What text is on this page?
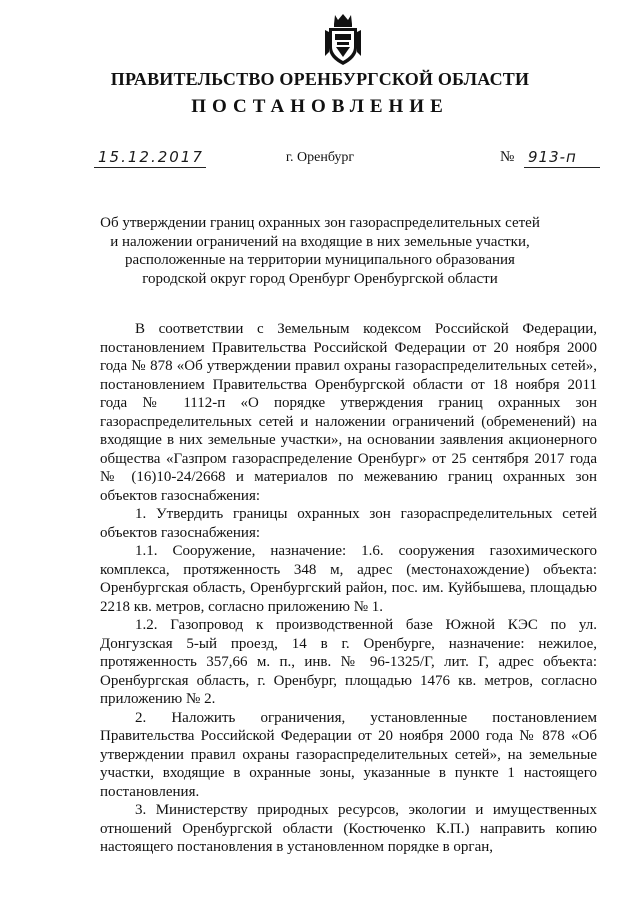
ПРАВИТЕЛЬСТВО ОРЕНБУРГСКОЙ ОБЛАСТИ
ПОСТАНОВЛЕНИЕ
15.12.2017	г. Оренбург	№ 913-п
Об утверждении границ охранных зон газораспределительных сетей
и наложении ограничений на входящие в них земельные участки,
расположенные на территории муниципального образования
городской округ город Оренбург Оренбургской области

В соответствии с Земельным кодексом Российской Федерации, постановлением Правительства Российской Федерации от 20 ноября 2000 года № 878 «Об утверждении правил охраны газораспределительных сетей», постановлением Правительства Оренбургской области от 18 ноября 2011 года № 1112-п «О порядке утверждения границ охранных зон газораспределительных сетей и наложении ограничений (обременений) на входящие в них земельные участки», на основании заявления акционерного общества «Газпром газораспределение Оренбург» от 25 сентября 2017 года № (16)10-24/2668 и материалов по межеванию границ охранных зон объектов газоснабжения:

1. Утвердить границы охранных зон газораспределительных сетей объектов газоснабжения:

1.1. Сооружение, назначение: 1.6. сооружения газохимического комплекса, протяженность 348 м, адрес (местонахождение) объекта: Оренбургская область, Оренбургский район, пос. им. Куйбышева, площадью 2218 кв. метров, согласно приложению № 1.

1.2. Газопровод к производственной базе Южной КЭС по ул. Донгузская 5-ый проезд, 14 в г. Оренбурге, назначение: нежилое, протяженность 357,66 м. п., инв. № 96-1325/Г, лит. Г, адрес объекта: Оренбургская область, г. Оренбург, площадью 1476 кв. метров, согласно приложению № 2.

2. Наложить ограничения, установленные постановлением Правительства Российской Федерации от 20 ноября 2000 года № 878 «Об утверждении правил охраны газораспределительных сетей», на земельные участки, входящие в охранные зоны, указанные в пункте 1 настоящего постановления.

3. Министерству природных ресурсов, экологии и имущественных отношений Оренбургской области (Костюченко К.П.) направить копию настоящего постановления в установленном порядке в орган,
